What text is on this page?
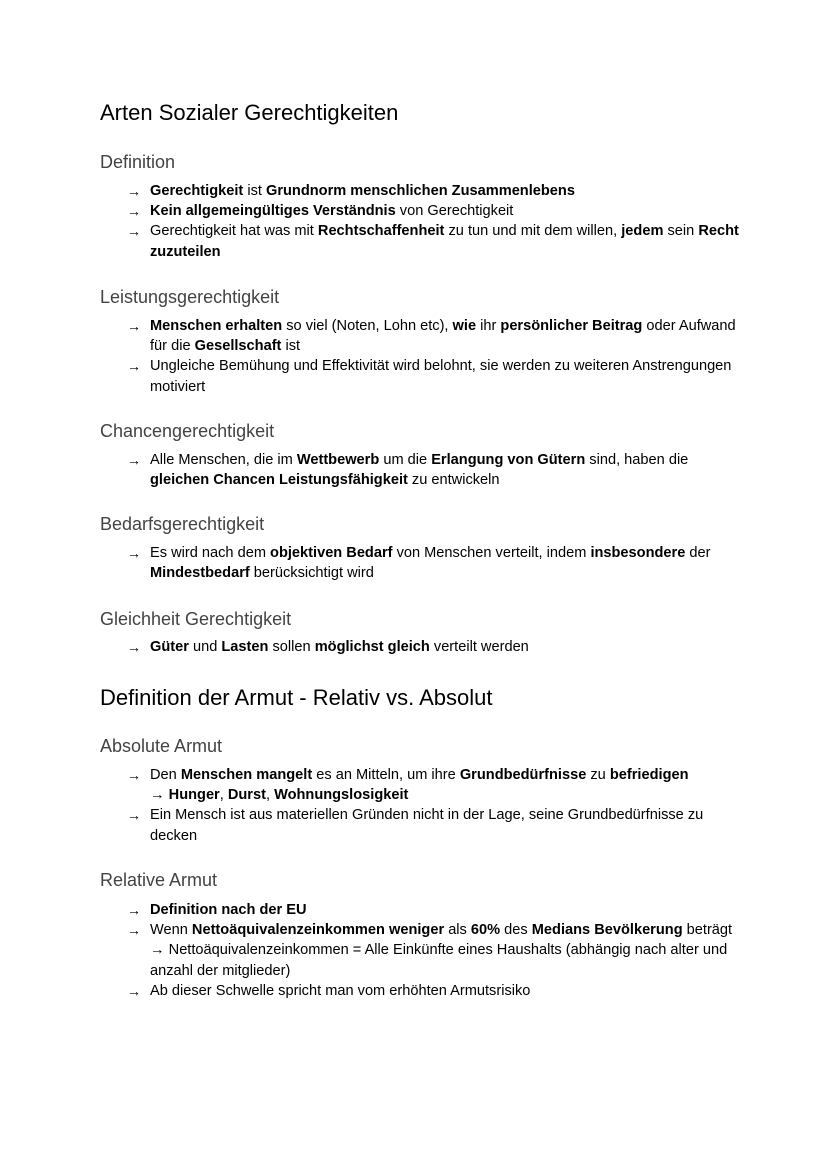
Arten Sozialer Gerechtigkeiten
Definition
→ Gerechtigkeit ist Grundnorm menschlichen Zusammenlebens
→ Kein allgemeingültiges Verständnis von Gerechtigkeit
→ Gerechtigkeit hat was mit Rechtschaffenheit zu tun und mit dem willen, jedem sein Recht zuzuteilen
Leistungsgerechtigkeit
→ Menschen erhalten so viel (Noten, Lohn etc), wie ihr persönlicher Beitrag oder Aufwand für die Gesellschaft ist
→ Ungleiche Bemühung und Effektivität wird belohnt, sie werden zu weiteren Anstrengungen motiviert
Chancengerechtigkeit
→ Alle Menschen, die im Wettbewerb um die Erlangung von Gütern sind, haben die gleichen Chancen Leistungsfähigkeit zu entwickeln
Bedarfsgerechtigkeit
→ Es wird nach dem objektiven Bedarf von Menschen verteilt, indem insbesondere der Mindestbedarf berücksichtigt wird
Gleichheit Gerechtigkeit
→ Güter und Lasten sollen möglichst gleich verteilt werden
Definition der Armut - Relativ vs. Absolut
Absolute Armut
→ Den Menschen mangelt es an Mitteln, um ihre Grundbedürfnisse zu befriedigen
→ Hunger, Durst, Wohnungslosigkeit
→ Ein Mensch ist aus materiellen Gründen nicht in der Lage, seine Grundbedürfnisse zu decken
Relative Armut
→ Definition nach der EU
→ Wenn Nettoäquivalenzeinkommen weniger als 60% des Medians Bevölkerung beträgt → Nettoäquivalenzeinkommen = Alle Einkünfte eines Haushalts (abhängig nach alter und anzahl der mitglieder)
→ Ab dieser Schwelle spricht man vom erhöhten Armutsrisiko
